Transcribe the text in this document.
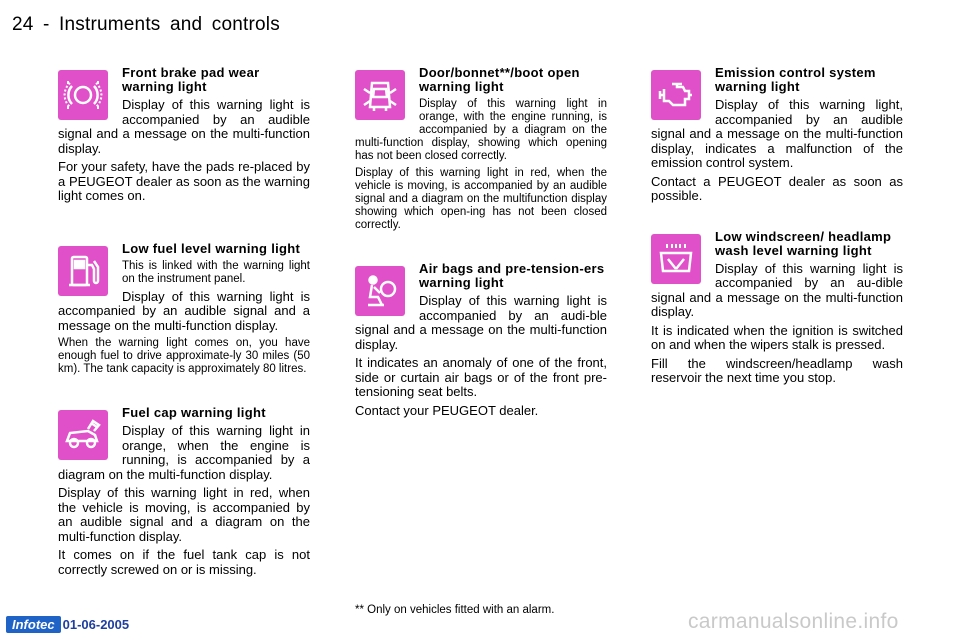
24 - Instruments and controls
Front brake pad wear warning light

Display of this warning light is accompanied by an audible signal and a message on the multi-function display.

For your safety, have the pads re-placed by a PEUGEOT dealer as soon as the warning light comes on.

Low fuel level warning light

This is linked with the warning light on the instrument panel.

Display of this warning light is accompanied by an audible signal and a message on the multi-function display.

When the warning light comes on, you have enough fuel to drive approximate-ly 30 miles (50 km). The tank capacity is approximately 80 litres.

Fuel cap warning light

Display of this warning light in orange, when the engine is running, is accompanied by a diagram on the multi-function display.

Display of this warning light in red, when the vehicle is moving, is accompanied by an audible signal and a diagram on the multi-function display.

It comes on if the fuel tank cap is not correctly screwed on or is missing.

Door/bonnet**/boot open warning light

Display of this warning light in orange, with the engine running, is accompanied by a diagram on the multi-function display, showing which opening has not been closed correctly.

Display of this warning light in red, when the vehicle is moving, is accompanied by an audible signal and a diagram on the multifunction display showing which open-ing has not been closed correctly.

Air bags and pre-tension-ers warning light

Display of this warning light is accompanied by an audi-ble signal and a message on the multi-function display.

It indicates an anomaly of one of the front, side or curtain air bags or of the front pre-tensioning seat belts.

Contact your PEUGEOT dealer.

Emission control system warning light

Display of this warning light, accompanied by an audible signal and a message on the multi-function display, indicates a malfunction of the emission control system.

Contact a PEUGEOT dealer as soon as possible.

Low windscreen/ headlamp wash level warning light

Display of this warning light is accompanied by an au-dible signal and a message on the multi-function display.

It is indicated when the ignition is switched on and when the wipers stalk is pressed.

Fill the windscreen/headlamp wash reservoir the next time you stop.

** Only on vehicles fitted with an alarm.
Infotec 01-06-2005	carmanualsonline.info
